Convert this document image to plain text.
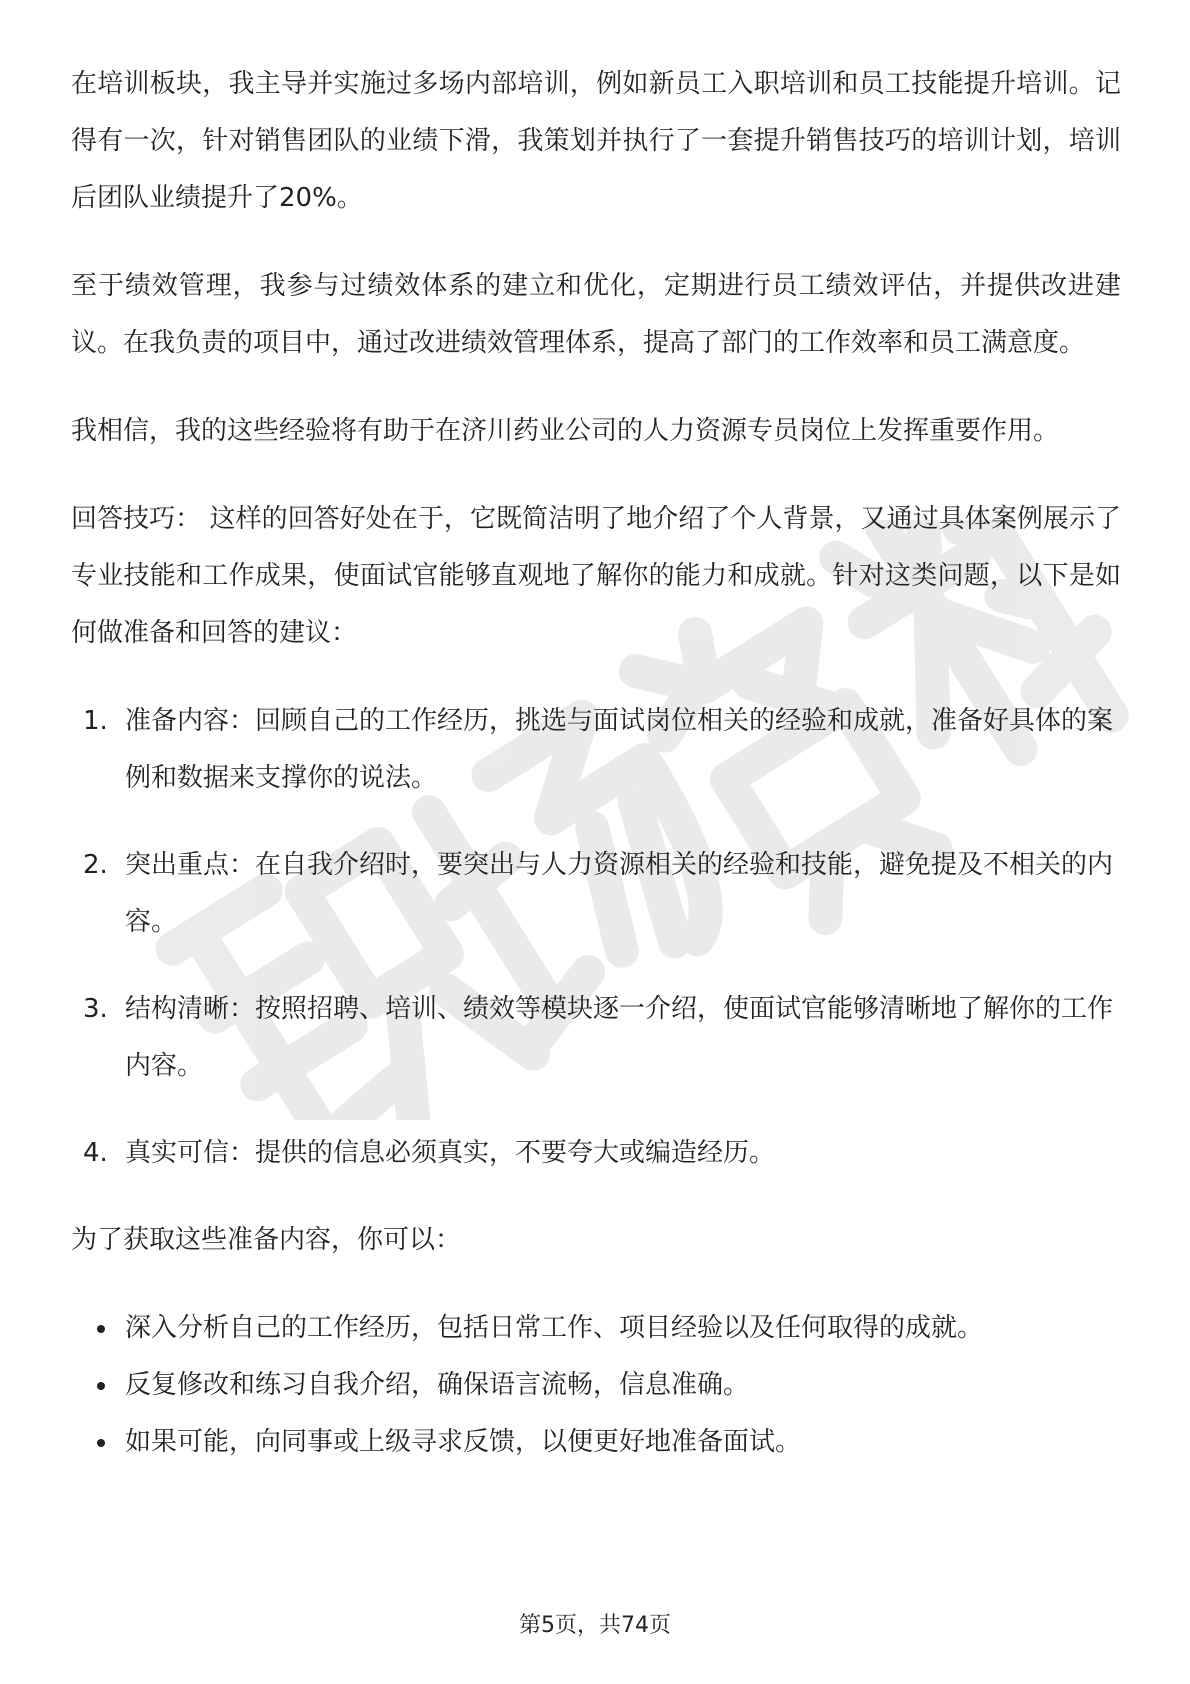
在培训板块，我主导并实施过多场内部培训，例如新员工入职培训和员工技能提升培训。记得有一次，针对销售团队的业绩下滑，我策划并执行了一套提升销售技巧的培训计划，培训后团队业绩提升了20%。

至于绩效管理，我参与过绩效体系的建立和优化，定期进行员工绩效评估，并提供改进建议。在我负责的项目中，通过改进绩效管理体系，提高了部门的工作效率和员工满意度。

我相信，我的这些经验将有助于在济川药业公司的人力资源专员岗位上发挥重要作用。

回答技巧： 这样的回答好处在于，它既简洁明了地介绍了个人背景，又通过具体案例展示了专业技能和工作成果，使面试官能够直观地了解你的能力和成就。针对这类问题，以下是如何做准备和回答的建议：

1. 准备内容：回顾自己的工作经历，挑选与面试岗位相关的经验和成就，准备好具体的案例和数据来支撑你的说法。
2. 突出重点：在自我介绍时，要突出与人力资源相关的经验和技能，避免提及不相关的内容。
3. 结构清晰：按照招聘、培训、绩效等模块逐一介绍，使面试官能够清晰地了解你的工作内容。
4. 真实可信：提供的信息必须真实，不要夸大或编造经历。

为了获取这些准备内容，你可以：

深入分析自己的工作经历，包括日常工作、项目经验以及任何取得的成就。
反复修改和练习自我介绍，确保语言流畅，信息准确。
如果可能，向同事或上级寻求反馈，以便更好地准备面试。
第5页，共74页
